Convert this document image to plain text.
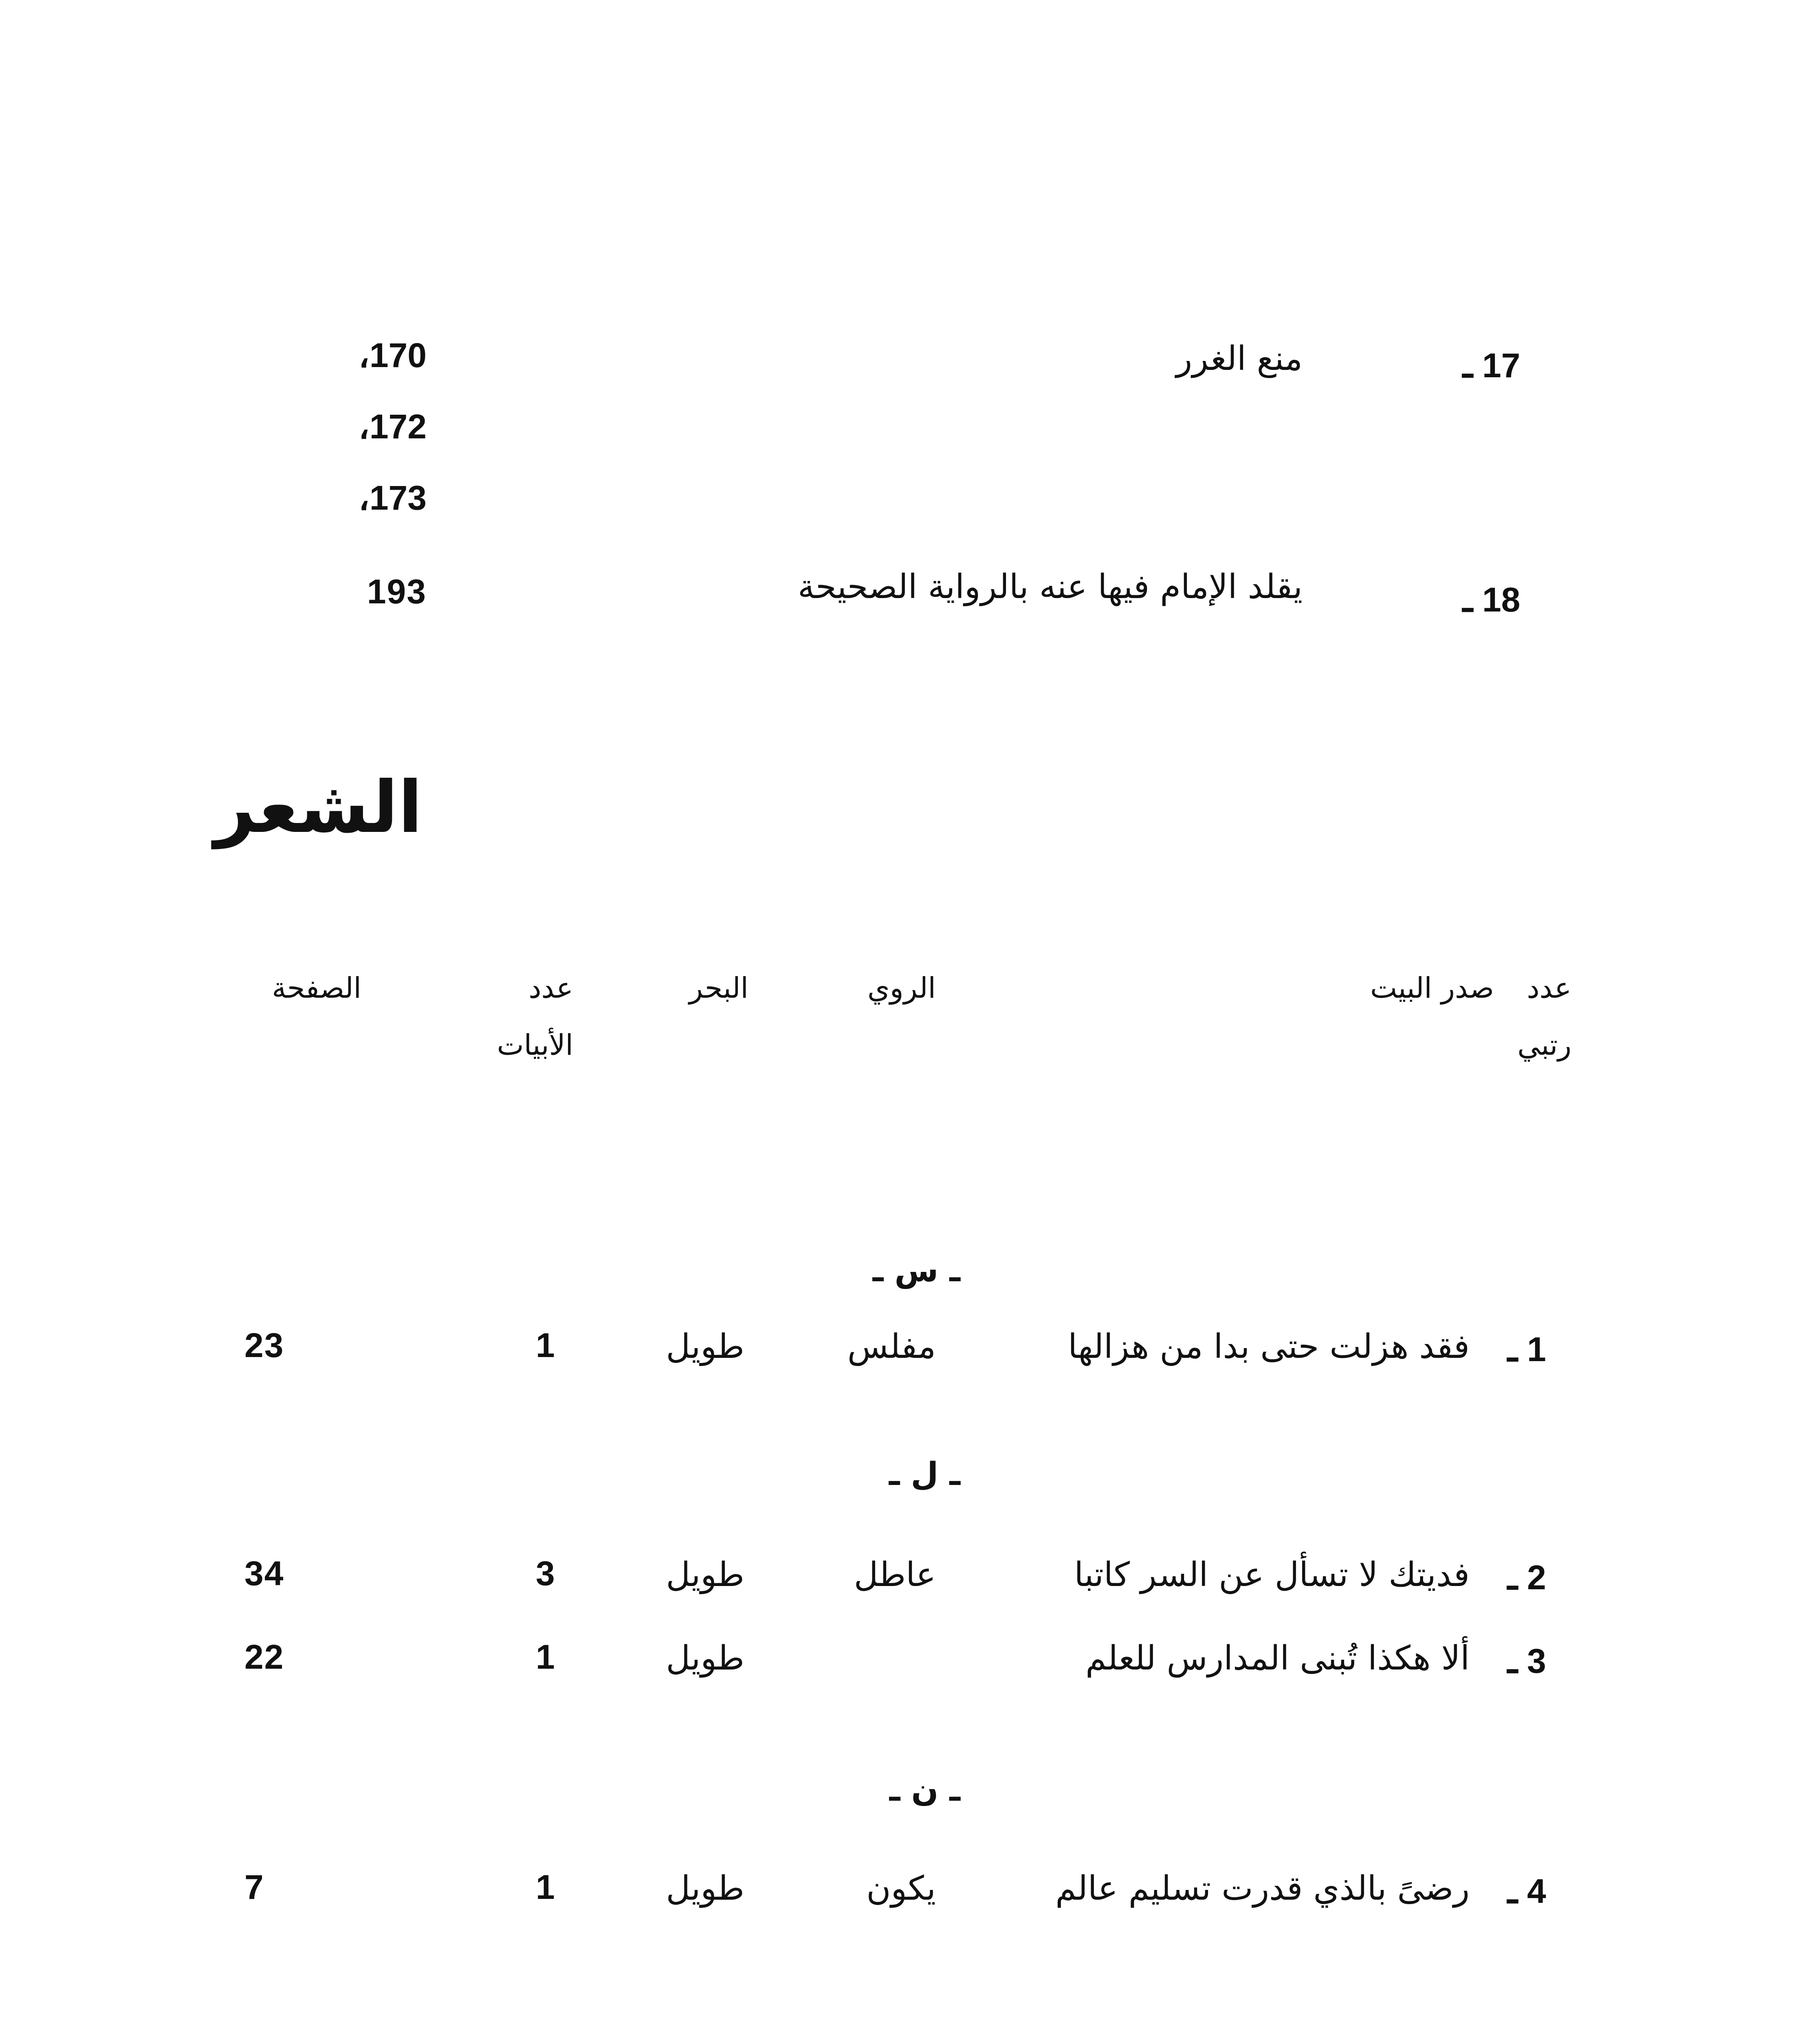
17 ـ
منع الغرر
170،
172،
173،
18 ـ
يقلد الإمام فيها عنه بالرواية الصحيحة
193
الشعر
عدد
رتبي
صدر البيت
الروي
البحر
عدد
الأبيات
الصفحة
ـ س ـ
1 ـ
فقد هزلت حتى بدا من هزالها
مفلس
طويل
1
23
ـ ل ـ
2 ـ
فديتك لا تسأل عن السر كاتبا
عاطل
طويل
3
34
3 ـ
ألا هكذا تُبنى المدارس للعلم
طويل
1
22
ـ ن ـ
4 ـ
رضىً بالذي قدرت تسليم عالم
يكون
طويل
1
7
